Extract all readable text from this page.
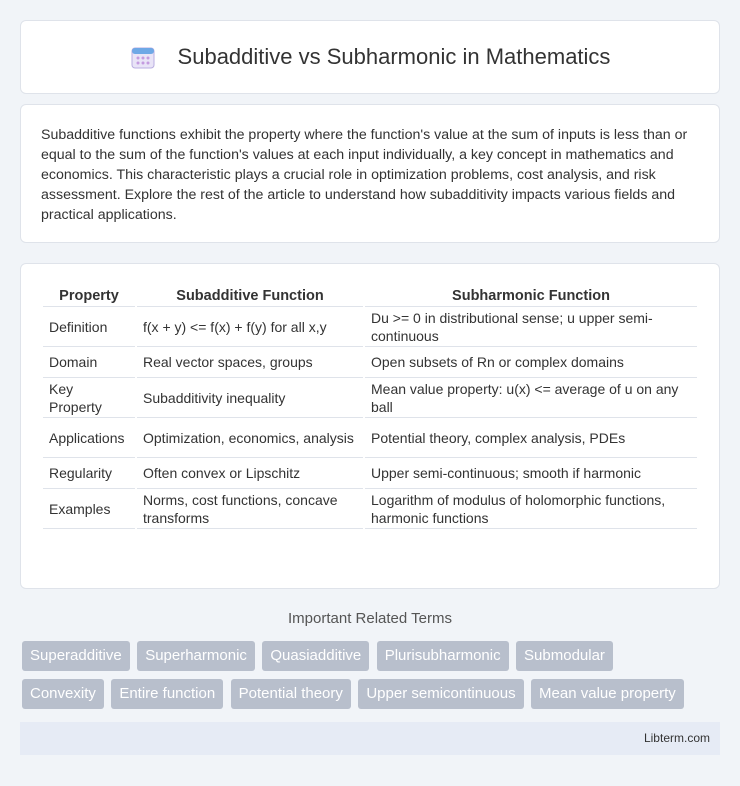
Subadditive vs Subharmonic in Mathematics

Subadditive functions exhibit the property where the function's value at the sum of inputs is less than or equal to the sum of the function's values at each input individually, a key concept in mathematics and economics. This characteristic plays a crucial role in optimization problems, cost analysis, and risk assessment. Explore the rest of the article to understand how subadditivity impacts various fields and practical applications.

Property	Subadditive Function	Subharmonic Function
Definition	f(x + y) <= f(x) + f(y) for all x,y	Du >= 0 in distributional sense; u upper semi-continuous
Domain	Real vector spaces, groups	Open subsets of Rn or complex domains
Key Property	Subadditivity inequality	Mean value property: u(x) <= average of u on any ball
Applications	Optimization, economics, analysis	Potential theory, complex analysis, PDEs
Regularity	Often convex or Lipschitz	Upper semi-continuous; smooth if harmonic
Examples	Norms, cost functions, concave transforms	Logarithm of modulus of holomorphic functions, harmonic functions
Important Related Terms
Superadditive Superharmonic Quasiadditive Plurisubharmonic Submodular
Convexity Entire function Potential theory Upper semicontinuous Mean value property
Libterm.com
